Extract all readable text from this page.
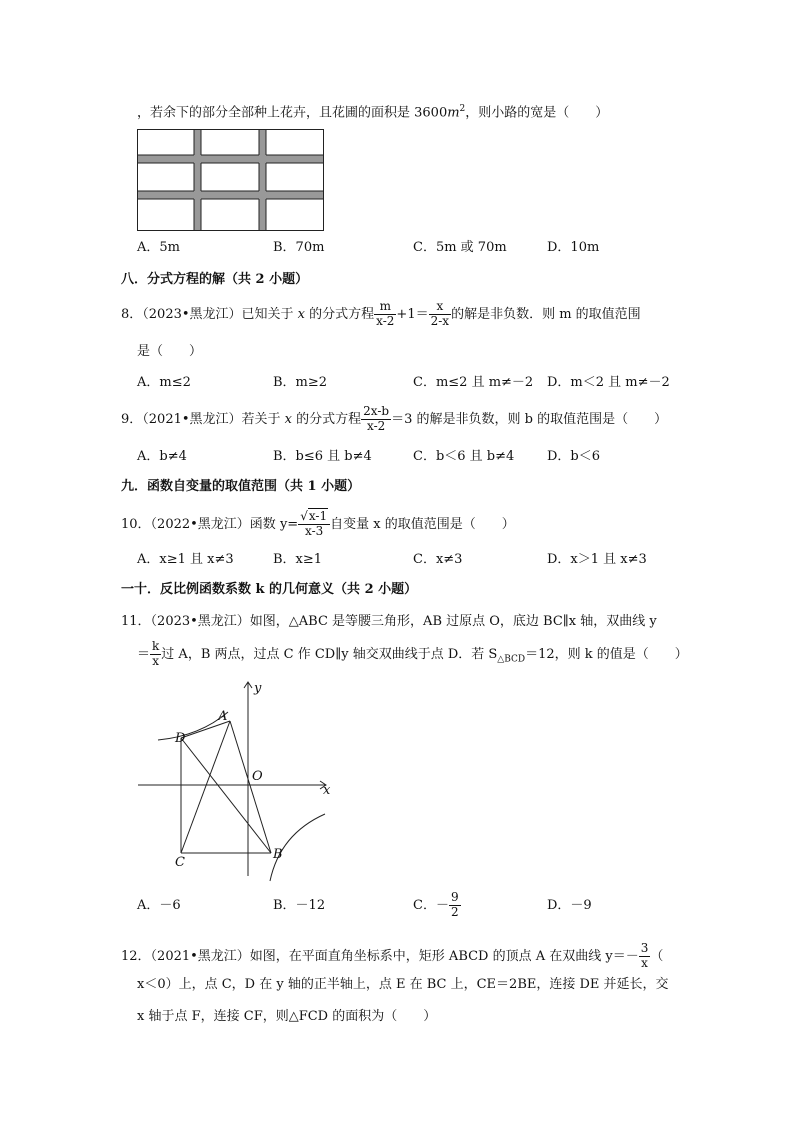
，若余下的部分全部种上花卉，且花圃的面积是 $3600m^2$，则小路的宽是（　　）
A．5m	B．70m	C．5m 或 70m	D．10m
八．分式方程的解（共 2 小题）
8．（2023•黑龙江）已知关于 x 的分式方程 $\frac{m}{x-2} +1= \frac{x}{2-x}$ 的解是非负数．则 m 的取值范围
是（　　）
A．m≤2	B．m≥2	C．m≤2 且 m≠－2 D．m＜2 且 m≠－2
9．（2021•黑龙江）若关于 x 的分式方程 $\frac{2x-b}{x-2} =3$ 的解是非负数，则 b 的取值范围是（　　）
A．b≠4	B．b≤6 且 b≠4	C．b＜6 且 b≠4	D．b＜6
九．函数自变量的取值范围（共 1 小题）
10．（2022•黑龙江）函数 $y= \frac{√x-1}{x-3}$ 自变量 x 的取值范围是（　　）
A．x≥1 且 x≠3	B．x≥1	C．x≠3	D．x＞1 且 x≠3
一十．反比例函数系数 k 的几何意义（共 2 小题）
11．（2023•黑龙江）如图，△ABC 是等腰三角形，AB 过原点 O，底边 BC∥x 轴，双曲线 y
＝ $\frac{k}{x}$ 过 A，B 两点，过点 C 作 CD∥y 轴交双曲线于点 D．若 $S_{\triangle BCD}=12$，则 k 的值是（　　）
A
D
O
C
B
x
y
A．－6	B．－12	C．－ $\frac{9}{2}$	D．－9
12．（2021•黑龙江）如图，在平面直角坐标系中，矩形 ABCD 的顶点 A 在双曲线 $y=- \frac{3}{x}$ （
x＜0）上，点 C，D 在 y 轴的正半轴上，点 E 在 BC 上，CE＝2BE，连接 DE 并延长，交
x 轴于点 F，连接 CF，则△FCD 的面积为（　　）
